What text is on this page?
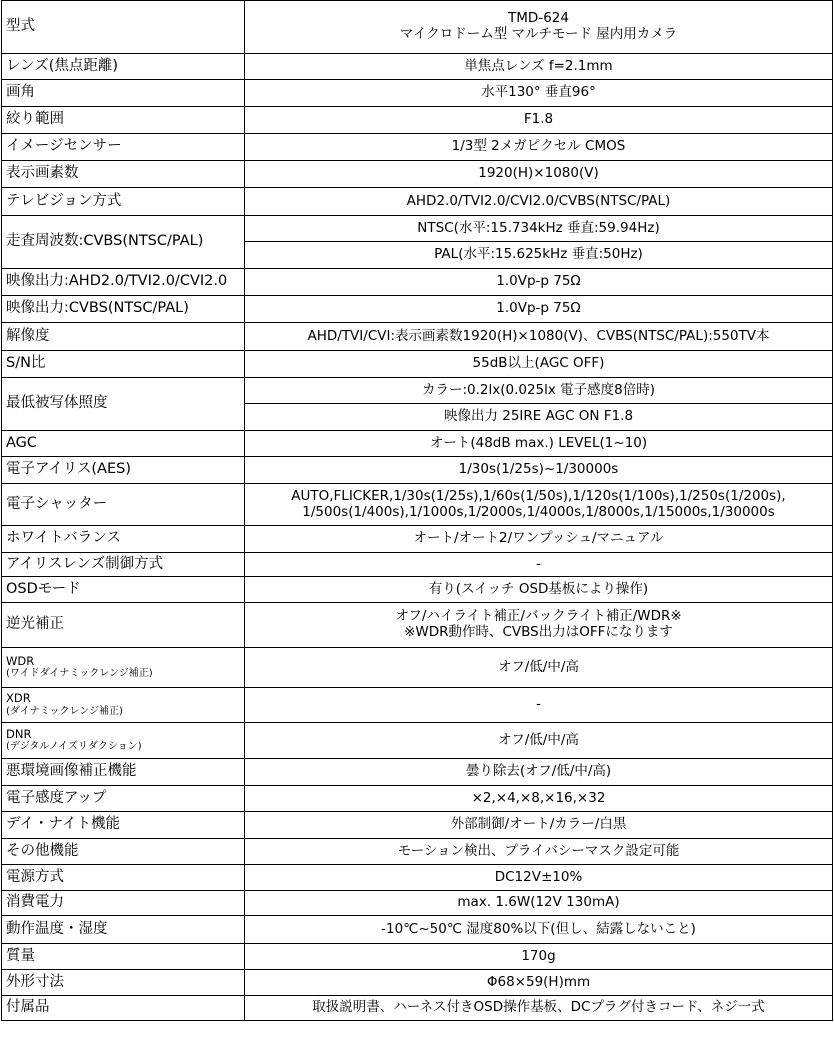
型式	TMD-624
マイクロドーム型 マルチモード 屋内用カメラ

レンズ(焦点距離)	単焦点レンズ f=2.1mm

画角	水平130° 垂直96°

絞り範囲	F1.8

イメージセンサー	1/3型 2メガピクセル CMOS

表示画素数	1920(H)×1080(V)

テレビジョン方式	AHD2.0/TVI2.0/CVI2.0/CVBS(NTSC/PAL)

走査周波数:CVBS(NTSC/PAL)	NTSC(水平:15.734kHz 垂直:59.94Hz)

	PAL(水平:15.625kHz 垂直:50Hz)

映像出力:AHD2.0/TVI2.0/CVI2.0	1.0Vp-p 75Ω

映像出力:CVBS(NTSC/PAL)	1.0Vp-p 75Ω

解像度	AHD/TVI/CVI:表示画素数1920(H)×1080(V)、CVBS(NTSC/PAL):550TV本

S/N比	55dB以上(AGC OFF)

最低被写体照度	カラー:0.2lx(0.025lx 電子感度8倍時)

	映像出力 25IRE AGC ON F1.8

AGC	オート(48dB max.) LEVEL(1~10)

電子アイリス(AES)	1/30s(1/25s)~1/30000s

電子シャッター	AUTO,FLICKER,1/30s(1/25s),1/60s(1/50s),1/120s(1/100s),1/250s(1/200s),
1/500s(1/400s),1/1000s,1/2000s,1/4000s,1/8000s,1/15000s,1/30000s

ホワイトバランス	オート/オート2/ワンプッシュ/マニュアル

アイリスレンズ制御方式	-

OSDモード	有り(スイッチ OSD基板により操作)

逆光補正	オフ/ハイライト補正/バックライト補正/WDR※
※WDR動作時、CVBS出力はOFFになります

WDR
(ワイドダイナミックレンジ補正)	オフ/低/中/高

XDR
(ダイナミックレンジ補正)	-

DNR
(デジタルノイズリダクション)	オフ/低/中/高

悪環境画像補正機能	曇り除去(オフ/低/中/高)

電子感度アップ	×2,×4,×8,×16,×32

デイ・ナイト機能	外部制御/オート/カラー/白黒

その他機能	モーション検出、プライバシーマスク設定可能

電源方式	DC12V±10%

消費電力	max. 1.6W(12V 130mA)

動作温度・湿度	-10℃~50℃ 湿度80%以下(但し、結露しないこと)

質量	170g

外形寸法	Φ68×59(H)mm

付属品	取扱説明書、ハーネス付きOSD操作基板、DCプラグ付きコード、ネジ一式
